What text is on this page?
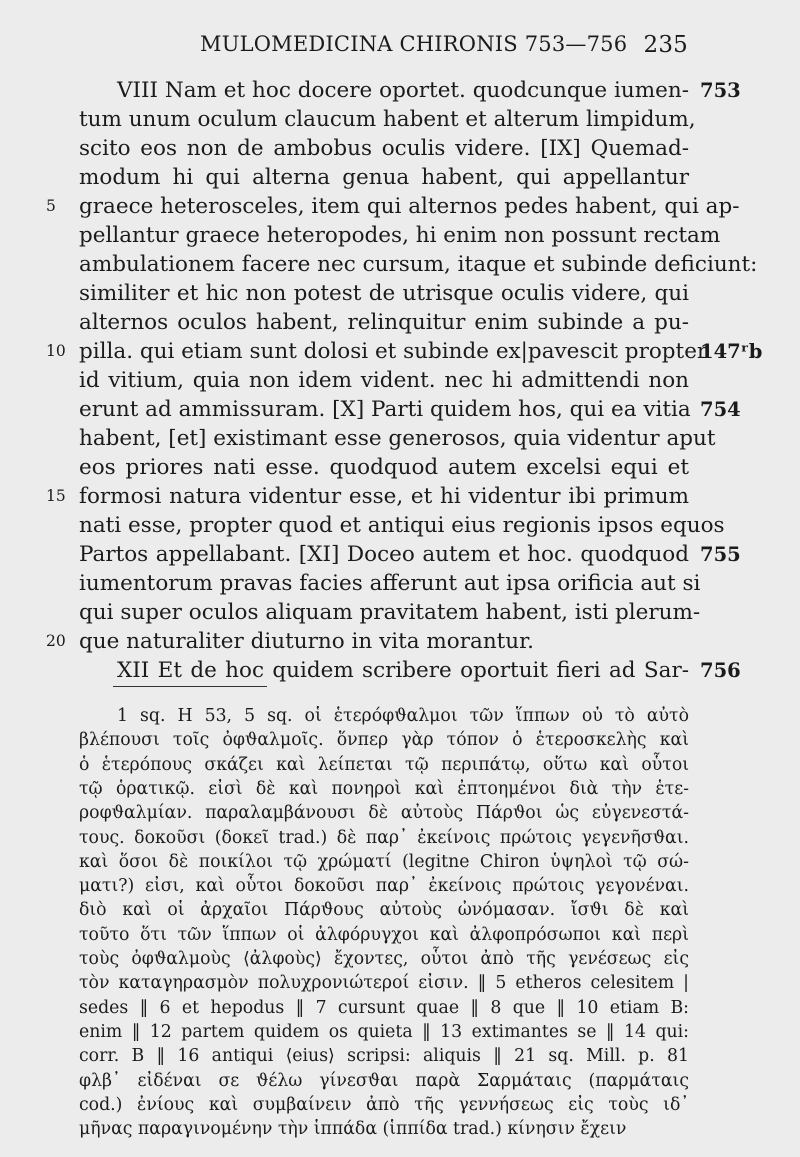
MULOMEDICINA CHIRONIS 753—756 235
VIII Nam et hoc docere oportet. quodcunque iumen- 753
tum unum oculum claucum habent et alterum limpidum,
scito eos non de ambobus oculis videre. [IX] Quemad-
modum hi qui alterna genua habent, qui appellantur
graece heterosceles, item qui alternos pedes habent, qui ap-
5
pellantur graece heteropodes, hi enim non possunt rectam
ambulationem facere nec cursum, itaque et subinde deficiunt:
similiter et hic non potest de utrisque oculis videre, qui
alternos oculos habent, relinquitur enim subinde a pu-
pilla. qui etiam sunt dolosi et subinde ex|pavescit propter
10	147ʳb
id vitium, quia non idem vident. nec hi admittendi non
erunt ad ammissuram. [X] Parti quidem hos, qui ea vitia 754
habent, [et] existimant esse generosos, quia videntur aput
eos priores nati esse. quodquod autem excelsi equi et
formosi natura videntur esse, et hi videntur ibi primum
15
nati esse, propter quod et antiqui eius regionis ipsos equos
Partos appellabant. [XI] Doceo autem et hoc. quodquod 755
iumentorum pravas facies afferunt aut ipsa orificia aut si
qui super oculos aliquam pravitatem habent, isti plerum-
que naturaliter diuturno in vita morantur.
20
XII Et de hoc quidem scribere oportuit fieri ad Sar- 756
1 sq. H 53, 5 sq. οἱ ἑτερόφϑαλμοι τῶν ἵππων οὐ τὸ αὐτὸ
βλέπουσι τοῖς ὀφϑαλμοῖς. ὅνπερ γὰρ τόπον ὁ ἑτεροσκελὴς καὶ
ὁ ἑτερόπους σκάζει καὶ λείπεται τῷ περιπάτῳ, οὕτω καὶ οὗτοι
τῷ ὁρατικῷ. εἰσὶ δὲ καὶ πονηροὶ καὶ ἐπτοημένοι διὰ τὴν ἑτε-
ροφϑαλμίαν. παραλαμβάνουσι δὲ αὐτοὺς Πάρϑοι ὡς εὐγενεστά-
τους. δοκοῦσι (δοκεῖ trad.) δὲ παρ᾽ ἐκείνοις πρώτοις γεγενῆσϑαι.
καὶ ὅσοι δὲ ποικίλοι τῷ χρώματί (legitne Chiron ὑψηλοὶ τῷ σώ-
ματι?) εἰσι, καὶ οὗτοι δοκοῦσι παρ᾽ ἐκείνοις πρώτοις γεγονέναι.
διὸ καὶ οἱ ἀρχαῖοι Πάρϑους αὐτοὺς ὠνόμασαν. ἴσϑι δὲ καὶ
τοῦτο ὅτι τῶν ἵππων οἱ ἀλφόρυγχοι καὶ ἀλφοπρόσωποι καὶ περὶ
τοὺς ὀφϑαλμοὺς ⟨ἀλφοὺς⟩ ἔχοντες, οὗτοι ἀπὸ τῆς γενέσεως εἰς
τὸν καταγηρασμὸν πολυχρονιώτεροί εἰσιν. ‖ 5 etheros celesitem |
sedes ‖ 6 et hepodus ‖ 7 cursunt quae ‖ 8 que ‖ 10 etiam B:
enim ‖ 12 partem quidem os quieta ‖ 13 extimantes se ‖ 14 qui:
corr. B ‖ 16 antiqui ⟨eius⟩ scripsi: aliquis ‖ 21 sq. Mill. p. 81
φλβ᾽ εἰδέναι σε ϑέλω γίνεσϑαι παρὰ Σαρμάταις (παρμάταις
cod.) ἐνίους καὶ συμβαίνειν ἀπὸ τῆς γεννήσεως εἰς τοὺς ιδ᾽
μῆνας παραγινομένην τὴν ἱππάδα (ἱππίδα trad.) κίνησιν ἔχειν
